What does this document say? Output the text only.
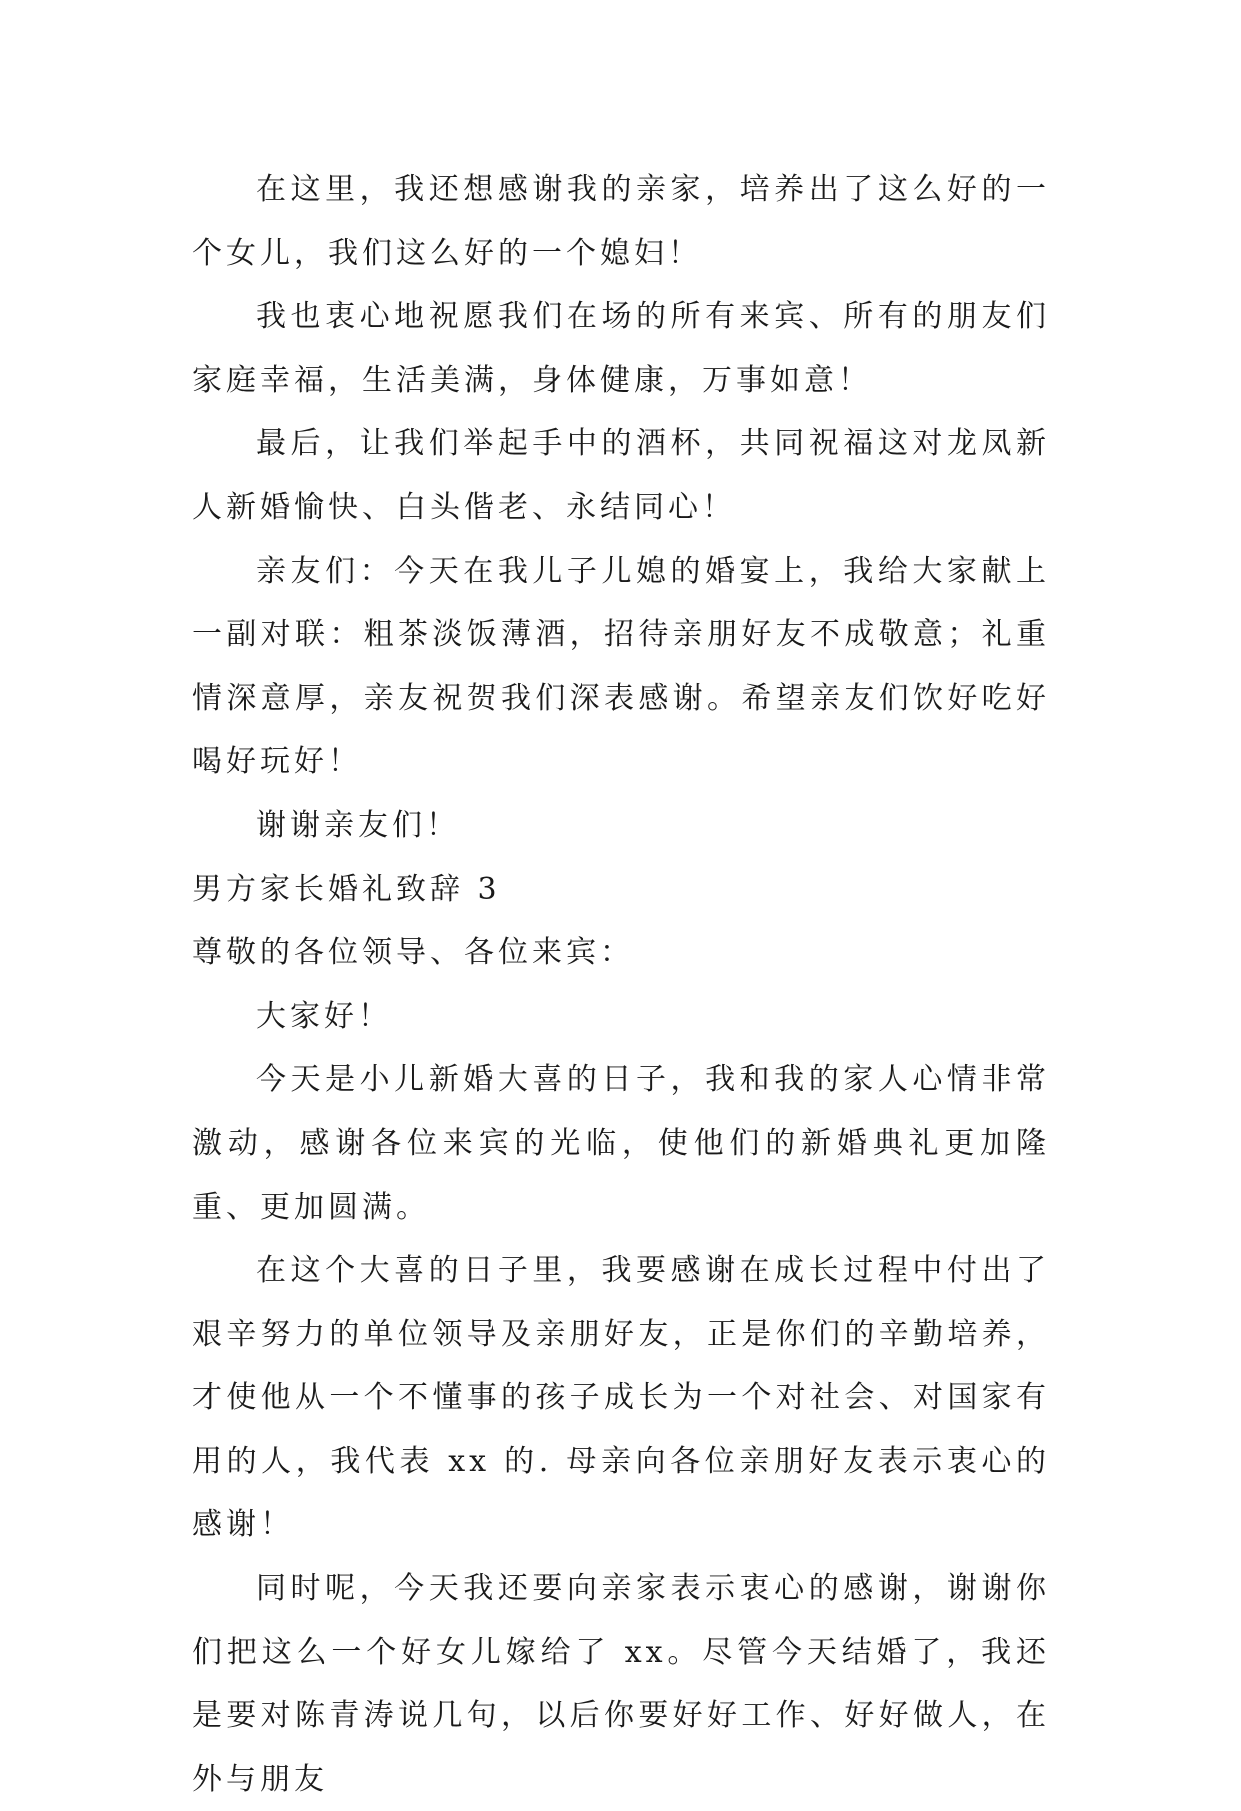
在这里，我还想感谢我的亲家，培养出了这么好的一个女儿，我们这么好的一个媳妇！

我也衷心地祝愿我们在场的所有来宾、所有的朋友们家庭幸福，生活美满，身体健康，万事如意！

最后，让我们举起手中的酒杯，共同祝福这对龙凤新人新婚愉快、白头偕老、永结同心！

亲友们：今天在我儿子儿媳的婚宴上，我给大家献上一副对联：粗茶淡饭薄酒，招待亲朋好友不成敬意；礼重情深意厚，亲友祝贺我们深表感谢。希望亲友们饮好吃好喝好玩好！

谢谢亲友们！

男方家长婚礼致辞 3

尊敬的各位领导、各位来宾：

大家好！

今天是小儿新婚大喜的日子，我和我的家人心情非常激动，感谢各位来宾的光临，使他们的新婚典礼更加隆重、更加圆满。

在这个大喜的日子里，我要感谢在成长过程中付出了艰辛努力的单位领导及亲朋好友，正是你们的辛勤培养，才使他从一个不懂事的孩子成长为一个对社会、对国家有用的人，我代表 xx 的. 母亲向各位亲朋好友表示衷心的感谢！

同时呢，今天我还要向亲家表示衷心的感谢，谢谢你们把这么一个好女儿嫁给了 xx。尽管今天结婚了，我还是要对陈青涛说几句，以后你要好好工作、好好做人，在外与朋友
